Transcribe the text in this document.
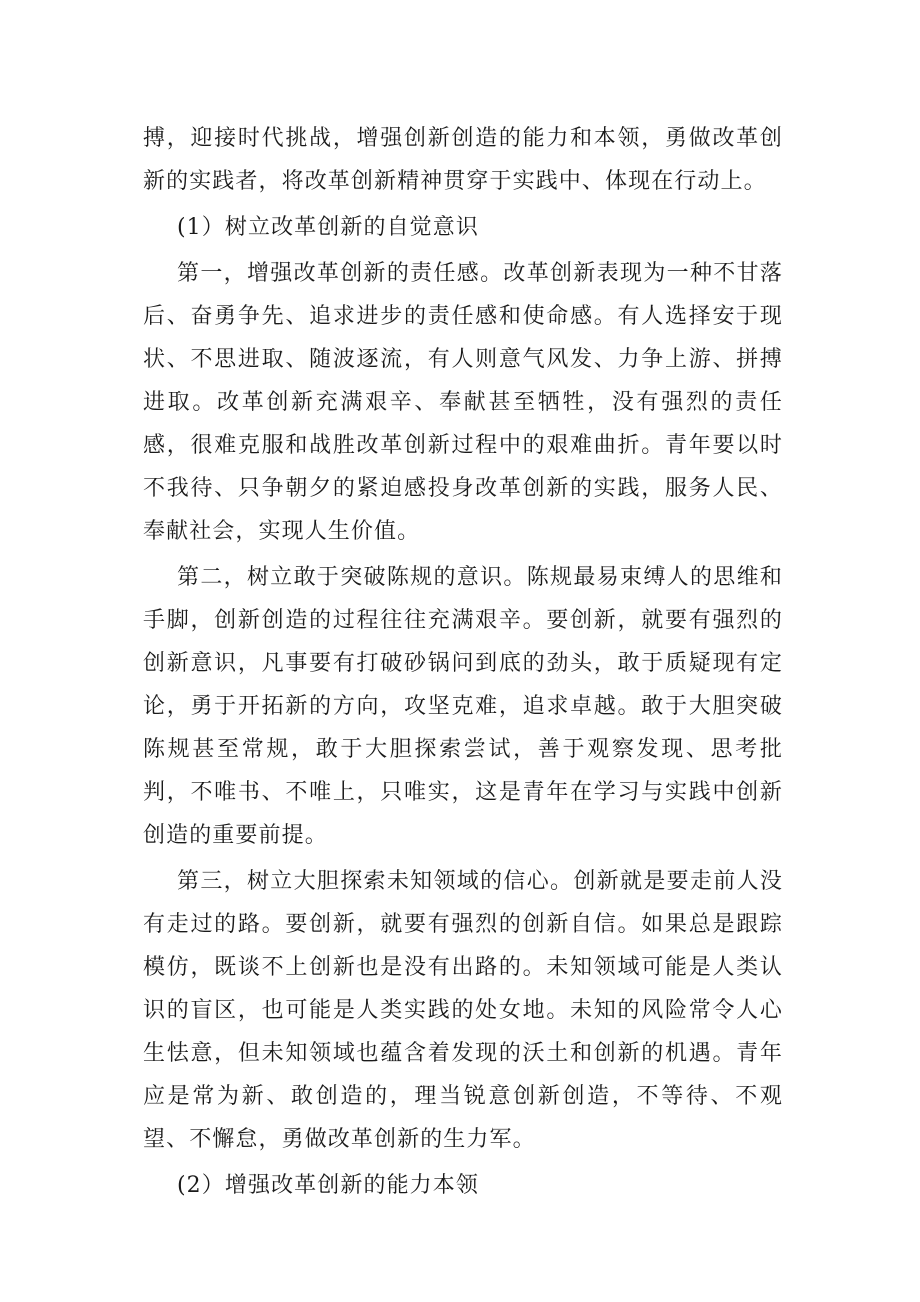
搏，迎接时代挑战，增强创新创造的能力和本领，勇做改革创新的实践者，将改革创新精神贯穿于实践中、体现在行动上。

(1）树立改革创新的自觉意识

第一，增强改革创新的责任感。改革创新表现为一种不甘落后、奋勇争先、追求进步的责任感和使命感。有人选择安于现状、不思进取、随波逐流，有人则意气风发、力争上游、拼搏进取。改革创新充满艰辛、奉献甚至牺牲，没有强烈的责任感，很难克服和战胜改革创新过程中的艰难曲折。青年要以时不我待、只争朝夕的紧迫感投身改革创新的实践，服务人民、奉献社会，实现人生价值。

第二，树立敢于突破陈规的意识。陈规最易束缚人的思维和手脚，创新创造的过程往往充满艰辛。要创新，就要有强烈的创新意识，凡事要有打破砂锅问到底的劲头，敢于质疑现有定论，勇于开拓新的方向，攻坚克难，追求卓越。敢于大胆突破陈规甚至常规，敢于大胆探索尝试，善于观察发现、思考批判，不唯书、不唯上，只唯实，这是青年在学习与实践中创新创造的重要前提。

第三，树立大胆探索未知领域的信心。创新就是要走前人没有走过的路。要创新，就要有强烈的创新自信。如果总是跟踪模仿，既谈不上创新也是没有出路的。未知领域可能是人类认识的盲区，也可能是人类实践的处女地。未知的风险常令人心生怯意，但未知领域也蕴含着发现的沃土和创新的机遇。青年应是常为新、敢创造的，理当锐意创新创造，不等待、不观望、不懈怠，勇做改革创新的生力军。

(2）增强改革创新的能力本领
